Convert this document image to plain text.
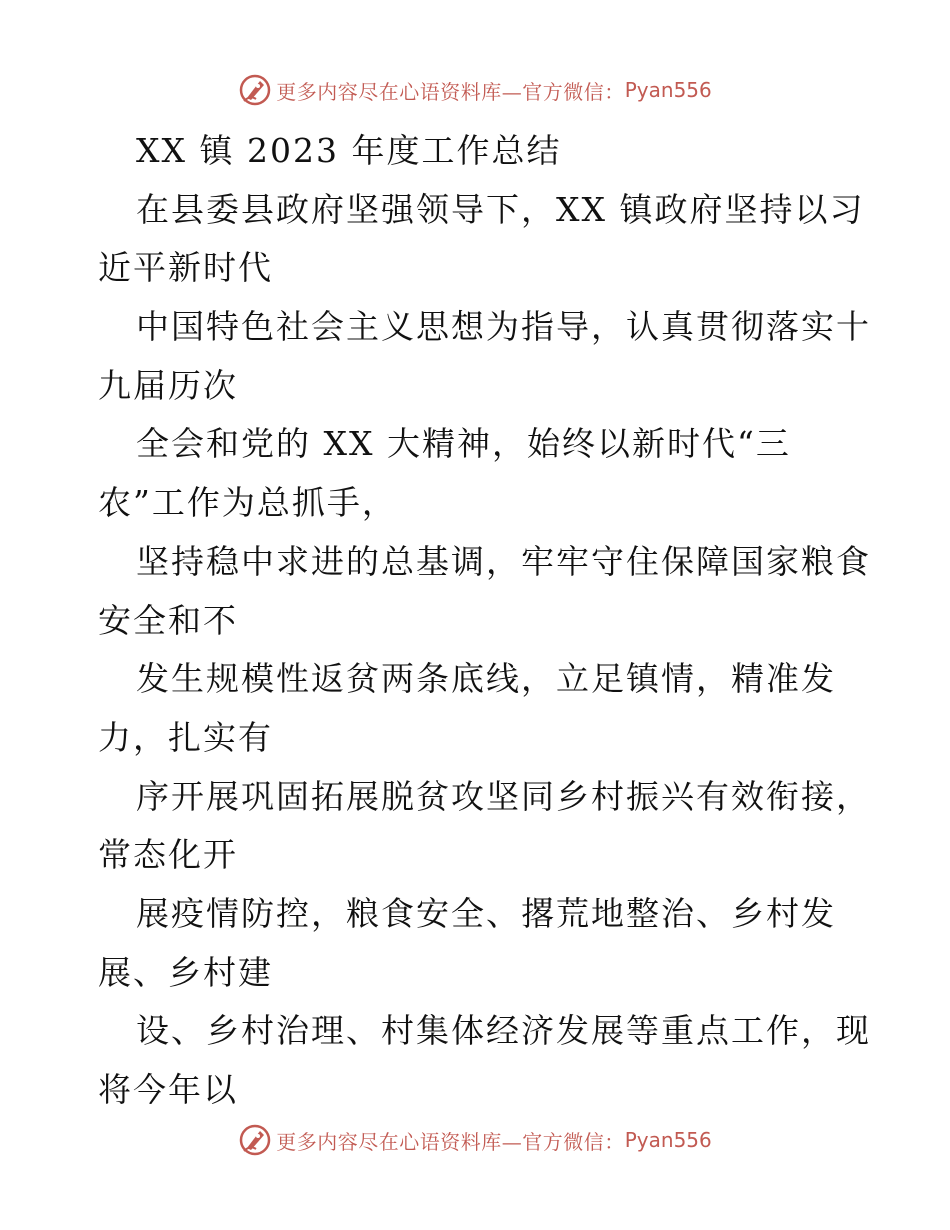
更多内容尽在心语资料库—官方微信： Pyan556
XX 镇 2023 年度工作总结
在县委县政府坚强领导下，XX 镇政府坚持以习
近平新时代
中国特色社会主义思想为指导，认真贯彻落实十
九届历次
全会和党的 XX 大精神，始终以新时代“三
农”工作为总抓手，
坚持稳中求进的总基调，牢牢守住保障国家粮食
安全和不
发生规模性返贫两条底线，立足镇情，精准发
力，扎实有
序开展巩固拓展脱贫攻坚同乡村振兴有效衔接，
常态化开
展疫情防控，粮食安全、撂荒地整治、乡村发
展、乡村建
设、乡村治理、村集体经济发展等重点工作，现
将今年以
更多内容尽在心语资料库—官方微信： Pyan556
